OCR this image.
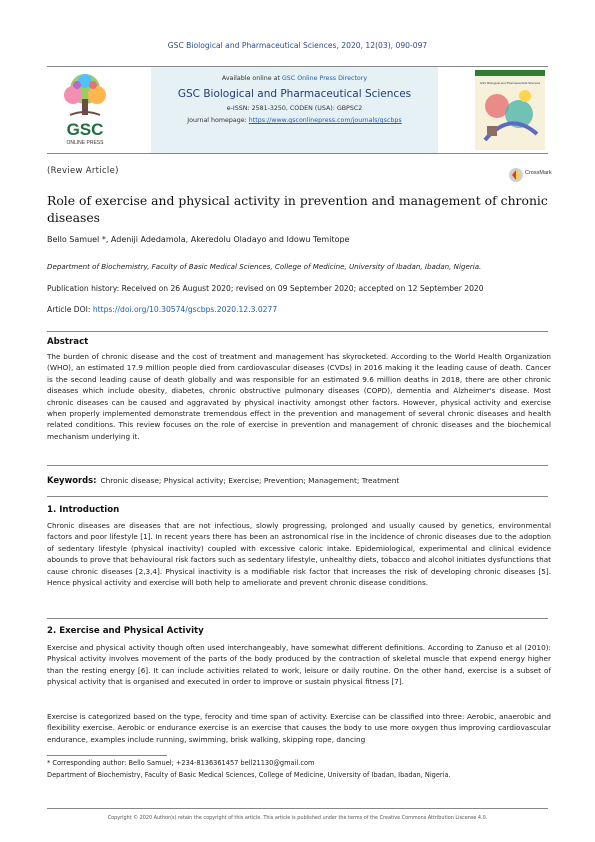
GSC Biological and Pharmaceutical Sciences, 2020, 12(03), 090-097
GSC
ONLINE PRESS
Available online at GSC Online Press Directory
GSC Biological and Pharmaceutical Sciences
e-ISSN: 2581-3250, CODEN (USA): GBPSC2
Journal homepage: https://www.gsconlinepress.com/journals/gscbps
GSC Biological and Pharmaceutical Sciences
(Review Article)	CrossMark
Role of exercise and physical activity in prevention and management of chronic diseases
Bello Samuel *, Adeniji Adedamola, Akeredolu Oladayo and Idowu Temitope
Department of Biochemistry, Faculty of Basic Medical Sciences, College of Medicine, University of Ibadan, Ibadan, Nigeria.
Publication history: Received on 26 August 2020; revised on 09 September 2020; accepted on 12 September 2020
Article DOI: https://doi.org/10.30574/gscbps.2020.12.3.0277
Abstract
The burden of chronic disease and the cost of treatment and management has skyrocketed. According to the World Health Organization (WHO), an estimated 17.9 million people died from cardiovascular diseases (CVDs) in 2016 making it the leading cause of death. Cancer is the second leading cause of death globally and was responsible for an estimated 9.6 million deaths in 2018, there are other chronic diseases which include obesity, diabetes, chronic obstructive pulmonary diseases (COPD), dementia and Alzheimer's disease. Most chronic diseases can be caused and aggravated by physical inactivity amongst other factors. However, physical activity and exercise when properly implemented demonstrate tremendous effect in the prevention and management of several chronic diseases and health related conditions. This review focuses on the role of exercise in prevention and management of chronic diseases and the biochemical mechanism underlying it.
Keywords: Chronic disease; Physical activity; Exercise; Prevention; Management; Treatment
1. Introduction
Chronic diseases are diseases that are not infectious, slowly progressing, prolonged and usually caused by genetics, environmental factors and poor lifestyle [1]. In recent years there has been an astronomical rise in the incidence of chronic diseases due to the adoption of sedentary lifestyle (physical inactivity) coupled with excessive caloric intake. Epidemiological, experimental and clinical evidence abounds to prove that behavioural risk factors such as sedentary lifestyle, unhealthy diets, tobacco and alcohol initiates dysfunctions that cause chronic diseases [2,3,4]. Physical inactivity is a modifiable risk factor that increases the risk of developing chronic diseases [5]. Hence physical activity and exercise will both help to ameliorate and prevent chronic disease conditions.
2. Exercise and Physical Activity
Exercise and physical activity though often used interchangeably, have somewhat different definitions. According to Zanuso et al (2010): Physical activity involves movement of the parts of the body produced by the contraction of skeletal muscle that expend energy higher than the resting energy [6]. It can include activities related to work, leisure or daily routine. On the other hand, exercise is a subset of physical activity that is organised and executed in order to improve or sustain physical fitness [7].
Exercise is categorized based on the type, ferocity and time span of activity. Exercise can be classified into three: Aerobic, anaerobic and flexibility exercise. Aerobic or endurance exercise is an exercise that causes the body to use more oxygen thus improving cardiovascular endurance, examples include running, swimming, brisk walking, skipping rope, dancing
* Corresponding author: Bello Samuel; +234-8136361457 bell21130@gmail.com
Department of Biochemistry, Faculty of Basic Medical Sciences, College of Medicine, University of Ibadan, Ibadan, Nigeria.
Copyright © 2020 Author(s) retain the copyright of this article. This article is published under the terms of the Creative Commons Attribution Liscense 4.0.
